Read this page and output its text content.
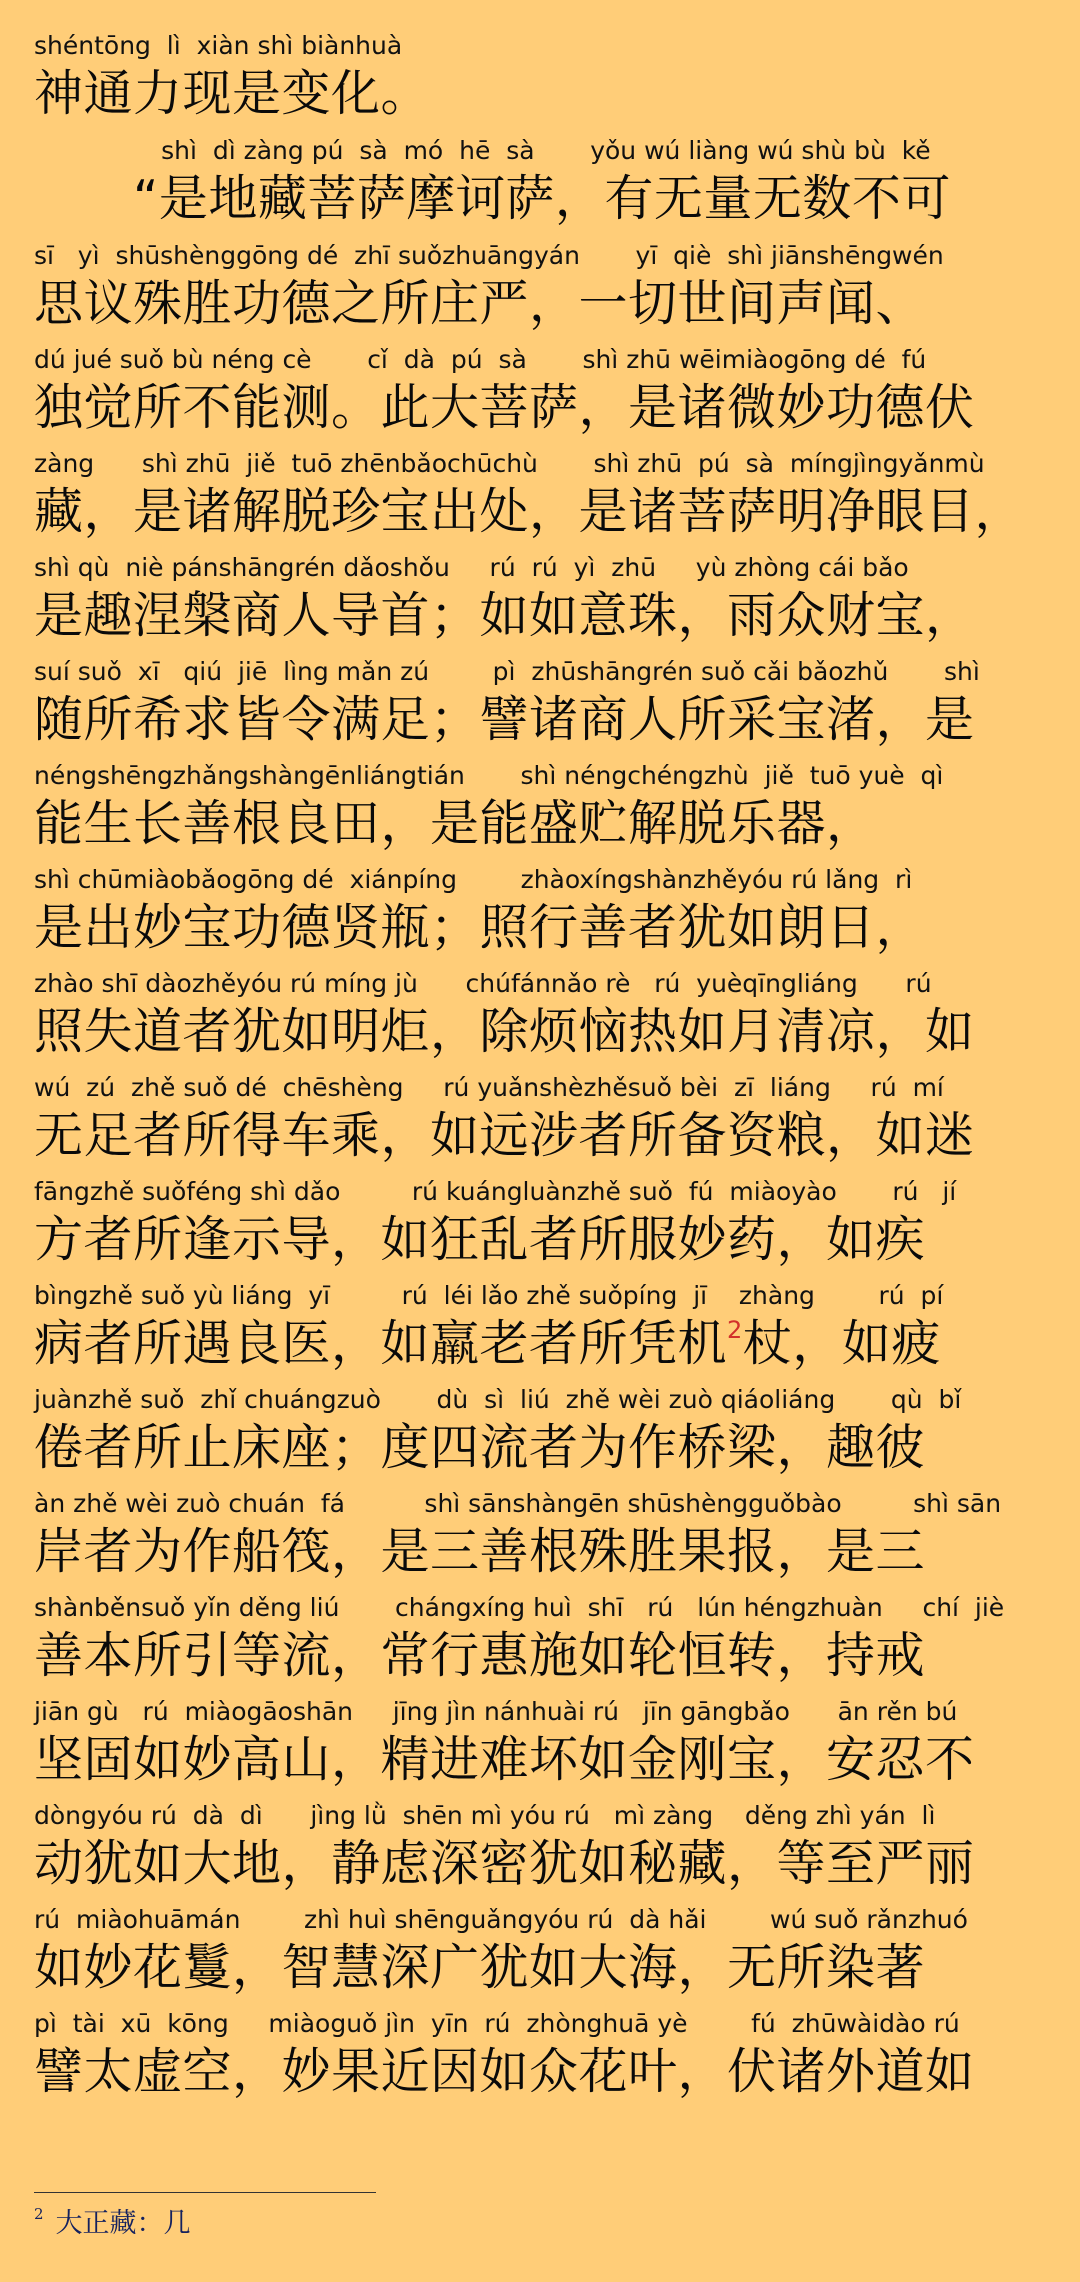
shéntōng  lì  xiàn shì biànhuà
神通力现是变化。
shì  dì zàng pú  sà  mó  hē  sà       yǒu wú liàng wú shù bù  kě
　　“是地藏菩萨摩诃萨，有无量无数不可
sī   yì  shūshènggōng dé  zhī suǒzhuāngyán       yī  qiè  shì jiānshēngwén
思议殊胜功德之所庄严，一切世间声闻、
dú jué suǒ bù néng cè       cǐ  dà  pú  sà       shì zhū wēimiàogōng dé  fú
独觉所不能测。此大菩萨，是诸微妙功德伏
zàng      shì zhū  jiě  tuō zhēnbǎochūchù       shì zhū  pú  sà  míngjìngyǎnmù
藏，是诸解脱珍宝出处，是诸菩萨明净眼目，
shì qù  niè pánshāngrén dǎoshǒu     rú  rú  yì  zhū     yù zhòng cái bǎo
是趣涅槃商人导首；如如意珠，雨众财宝，
suí suǒ  xī   qiú  jiē  lìng mǎn zú        pì  zhūshāngrén suǒ cǎi bǎozhǔ       shì
随所希求皆令满足；譬诸商人所采宝渚，是
néngshēngzhǎngshàngēnliángtián       shì néngchéngzhù  jiě  tuō yuè  qì
能生长善根良田，是能盛贮解脱乐器，
shì chūmiàobǎogōng dé  xiánpíng        zhàoxíngshànzhěyóu rú lǎng  rì
是出妙宝功德贤瓶；照行善者犹如朗日，
zhào shī dàozhěyóu rú míng jù      chúfánnǎo rè   rú  yuèqīngliáng      rú
照失道者犹如明炬，除烦恼热如月清凉，如
wú  zú  zhě suǒ dé  chēshèng     rú yuǎnshèzhěsuǒ bèi  zī  liáng     rú  mí
无足者所得车乘，如远涉者所备资粮，如迷
fāngzhě suǒféng shì dǎo         rú kuángluànzhě suǒ  fú  miàoyào       rú   jí
方者所逢示导，如狂乱者所服妙药，如疾
bìngzhě suǒ yù liáng  yī         rú  léi lǎo zhě suǒpíng  jī    zhàng        rú  pí
病者所遇良医，如羸老者所凭机$^2$杖，如疲
juànzhě suǒ  zhǐ chuángzuò       dù  sì  liú  zhě wèi zuò qiáoliáng       qù  bǐ
倦者所止床座；度四流者为作桥梁，趣彼
àn zhě wèi zuò chuán  fá          shì sānshàngēn shūshèngguǒbào         shì sān
岸者为作船筏，是三善根殊胜果报，是三
shànběnsuǒ yǐn děng liú       chángxíng huì  shī   rú   lún héngzhuàn     chí  jiè
善本所引等流，常行惠施如轮恒转，持戒
jiān gù   rú  miàogāoshān     jīng jìn nánhuài rú   jīn gāngbǎo      ān rěn bú
坚固如妙高山，精进难坏如金刚宝，安忍不
dòngyóu rú  dà  dì      jìng lǜ  shēn mì yóu rú   mì zàng    děng zhì yán  lì
动犹如大地，静虑深密犹如秘藏，等至严丽
rú  miàohuāmán        zhì huì shēnguǎngyóu rú  dà hǎi        wú suǒ rǎnzhuó
如妙花鬘，智慧深广犹如大海，无所染著
pì  tài  xū  kōng     miàoguǒ jìn  yīn  rú  zhònghuā yè        fú  zhūwàidào rú
譬太虚空，妙果近因如众花叶，伏诸外道如
$^2$ 大正藏：几
